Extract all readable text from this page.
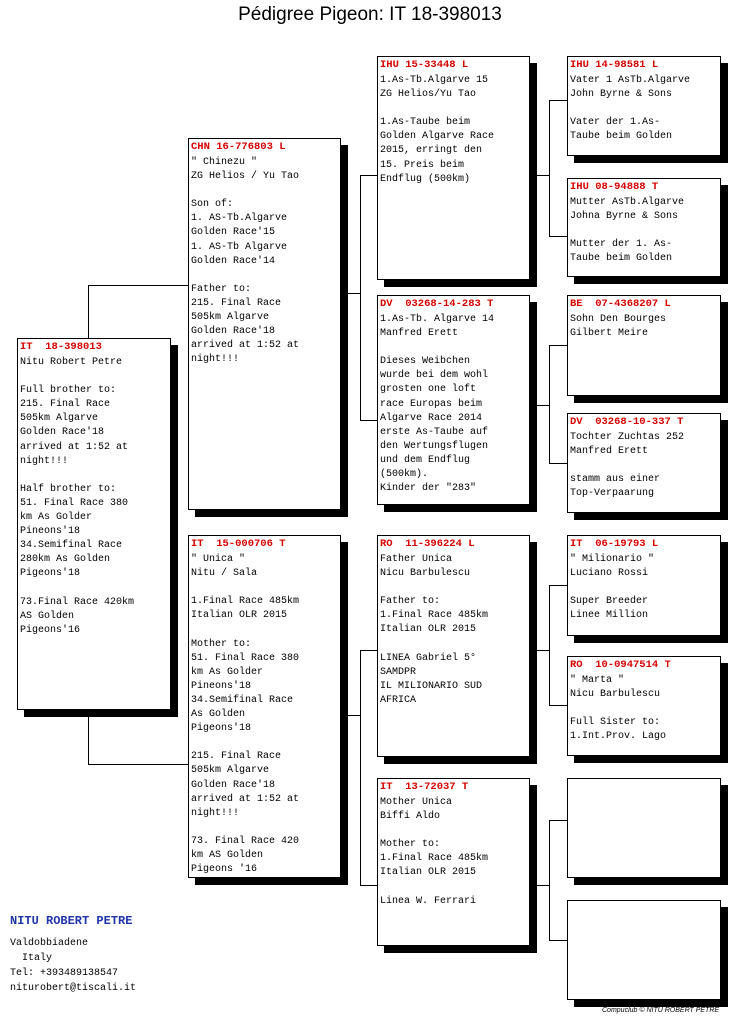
Pédigree Pigeon: IT 18-398013
IT  18-398013
Nitu Robert Petre

Full brother to:
215. Final Race
505km Algarve
Golden Race'18
arrived at 1:52 at
night!!!

Half brother to:
51. Final Race 380
km As Golder
Pineons'18
34.Semifinal Race
280km As Golden
Pigeons'18

73.Final Race 420km
AS Golden
Pigeons'16
CHN 16-776803 L
" Chinezu "
ZG Helios / Yu Tao

Son of:
1. AS-Tb.Algarve
Golden Race'15
1. AS-Tb Algarve
Golden Race'14

Father to:
215. Final Race
505km Algarve
Golden Race'18
arrived at 1:52 at
night!!!
IT  15-000706 T
" Unica "
Nitu / Sala

1.Final Race 485km
Italian OLR 2015

Mother to:
51. Final Race 380
km As Golder
Pineons'18
34.Semifinal Race
As Golden
Pigeons'18

215. Final Race
505km Algarve
Golden Race'18
arrived at 1:52 at
night!!!

73. Final Race 420
km AS Golden
Pigeons '16
IHU 15-33448 L
1.As-Tb.Algarve 15
ZG Helios/Yu Tao

1.As-Taube beim
Golden Algarve Race
2015, erringt den
15. Preis beim
Endflug (500km)
DV  03268-14-283 T
1.As-Tb. Algarve 14
Manfred Erett

Dieses Weibchen
wurde bei dem wohl
grosten one loft
race Europas beim
Algarve Race 2014
erste As-Taube auf
den Wertungsflugen
und dem Endflug
(500km).
Kinder der "283"
RO  11-396224 L
Father Unica
Nicu Barbulescu

Father to:
1.Final Race 485km
Italian OLR 2015

LINEA Gabriel 5°
SAMDPR
IL MILIONARIO SUD
AFRICA
IT  13-72037 T
Mother Unica
Biffi Aldo

Mother to:
1.Final Race 485km
Italian OLR 2015

Linea W. Ferrari
IHU 14-98581 L
Vater 1 AsTb.Algarve
John Byrne & Sons

Vater der 1.As-
Taube beim Golden
IHU 08-94888 T
Mutter AsTb.Algarve
Johna Byrne & Sons

Mutter der 1. As-
Taube beim Golden
BE  07-4368207 L
Sohn Den Bourges
Gilbert Meire
DV  03268-10-337 T
Tochter Zuchtas 252
Manfred Erett

stamm aus einer
Top-Verpaarung
IT  06-19793 L
" Milionario "
Luciano Rossi

Super Breeder
Linee Million
RO  10-0947514 T
" Marta "
Nicu Barbulescu

Full Sister to:
1.Int.Prov. Lago
NITU ROBERT PETRE
Valdobbiadene
Italy
Tel: +393489138547
niturobert@tiscali.it
Compuclub © NITU ROBERT PETRE
